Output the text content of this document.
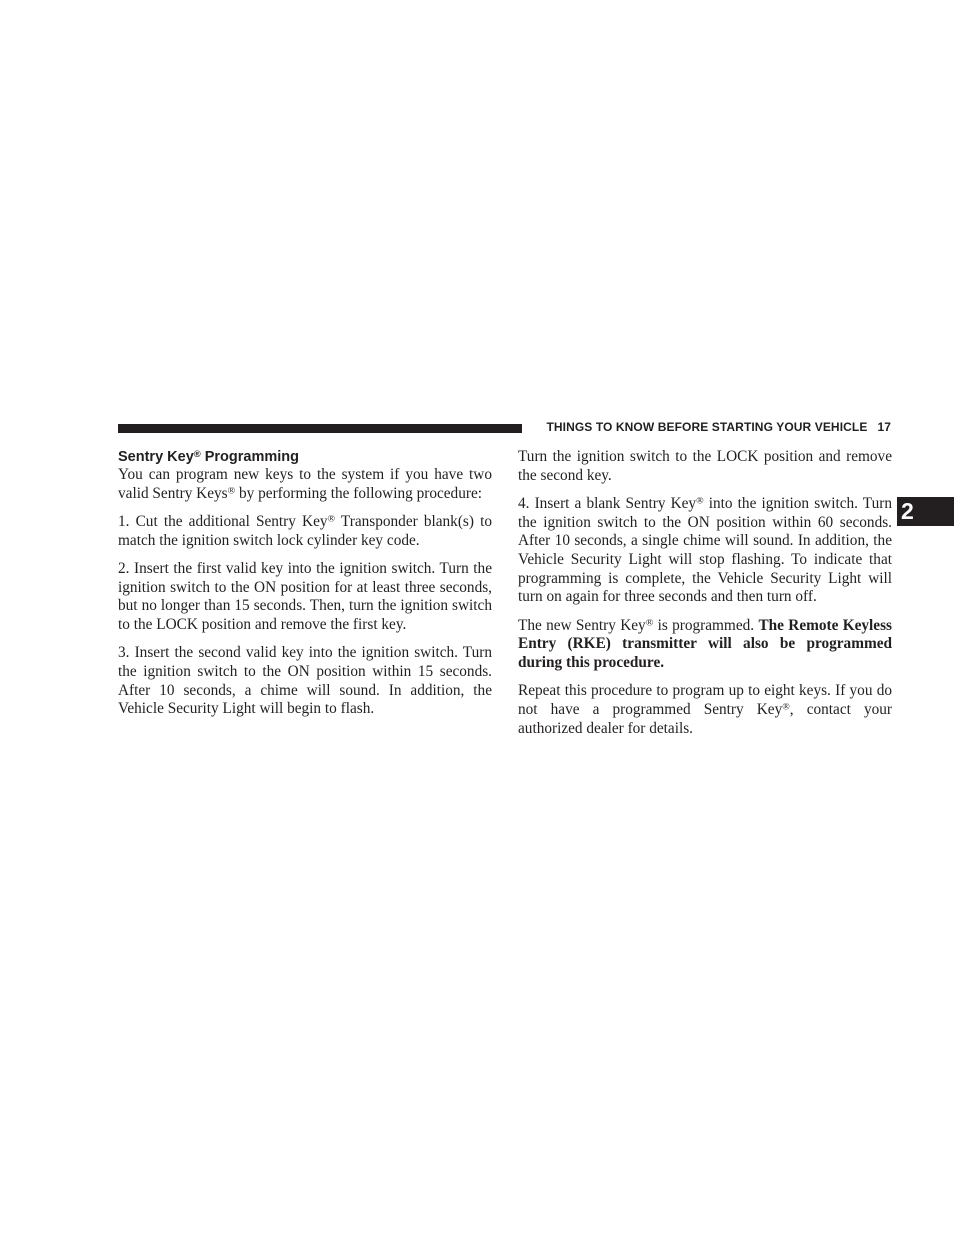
THINGS TO KNOW BEFORE STARTING YOUR VEHICLE 17
2
Sentry Key® Programming

You can program new keys to the system if you have two valid Sentry Keys® by performing the following procedure:

1. Cut the additional Sentry Key® Transponder blank(s) to match the ignition switch lock cylinder key code.

2. Insert the first valid key into the ignition switch. Turn the ignition switch to the ON position for at least three seconds, but no longer than 15 seconds. Then, turn the ignition switch to the LOCK position and remove the first key.

3. Insert the second valid key into the ignition switch. Turn the ignition switch to the ON position within 15 seconds. After 10 seconds, a chime will sound. In addition, the Vehicle Security Light will begin to flash.

Turn the ignition switch to the LOCK position and remove the second key.

4. Insert a blank Sentry Key® into the ignition switch. Turn the ignition switch to the ON position within 60 seconds. After 10 seconds, a single chime will sound. In addition, the Vehicle Security Light will stop flashing. To indicate that programming is complete, the Vehicle Security Light will turn on again for three seconds and then turn off.

The new Sentry Key® is programmed. The Remote Keyless Entry (RKE) transmitter will also be programmed during this procedure.

Repeat this procedure to program up to eight keys. If you do not have a programmed Sentry Key®, contact your authorized dealer for details.
